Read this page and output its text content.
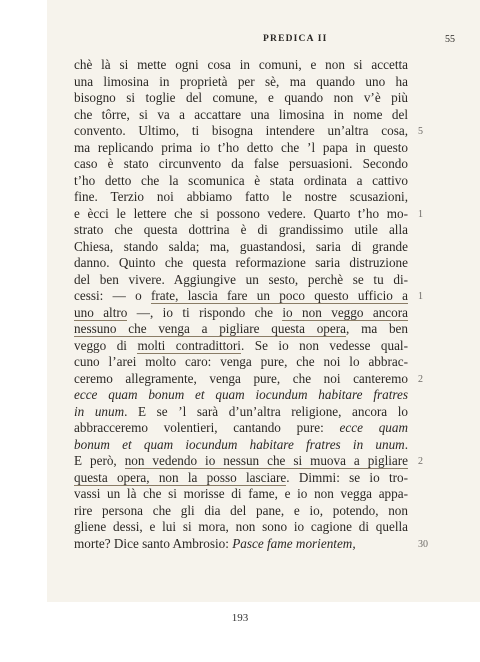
PREDICA II	55
chè là si mette ogni cosa in comuni, e non si accetta
una limosina in proprietà per sè, ma quando uno ha
bisogno si toglie del comune, e quando non v’è più
che tôrre, si va a accattare una limosina in nome del
convento. Ultimo, ti bisogna intendere un’altra cosa,
ma replicando prima io t’ho detto che ’l papa in questo
caso è stato circunvento da false persuasioni. Secondo
t’ho detto che la scomunica è stata ordinata a cattivo
fine. Terzio noi abbiamo fatto le nostre scusazioni,
e ècci le lettere che si possono vedere. Quarto t’ho mo-
strato che questa dottrina è di grandissimo utile alla
Chiesa, stando salda; ma, guastandosi, saria di grande
danno. Quinto che questa reformazione saria distruzione
del ben vivere. Aggiungive un sesto, perchè se tu di-
cessi: — o frate, lascia fare un poco questo ufficio a
uno altro —, io ti rispondo che io non veggo ancora
nessuno che venga a pigliare questa opera, ma ben
veggo di molti contradittori. Se io non vedesse qual-
cuno l’arei molto caro: venga pure, che noi lo abbrac-
ceremo allegramente, venga pure, che noi canteremo
ecce quam bonum et quam iocundum habitare fratres
in unum. E se ’l sarà d’un’altra religione, ancora lo
abbracceremo volentieri, cantando pure: ecce quam
bonum et quam iocundum habitare fratres in unum.
E però, non vedendo io nessun che si muova a pigliare
questa opera, non la posso lasciare. Dimmi: se io tro-
vassi un là che si morisse di fame, e io non vegga appa-
rire persona che gli dia del pane, e io, potendo, non
gliene dessi, e lui si mora, non sono io cagione di quella
morte? Dice santo Ambrosio: Pasce fame morientem,
5
1
1
2
2
30
193
